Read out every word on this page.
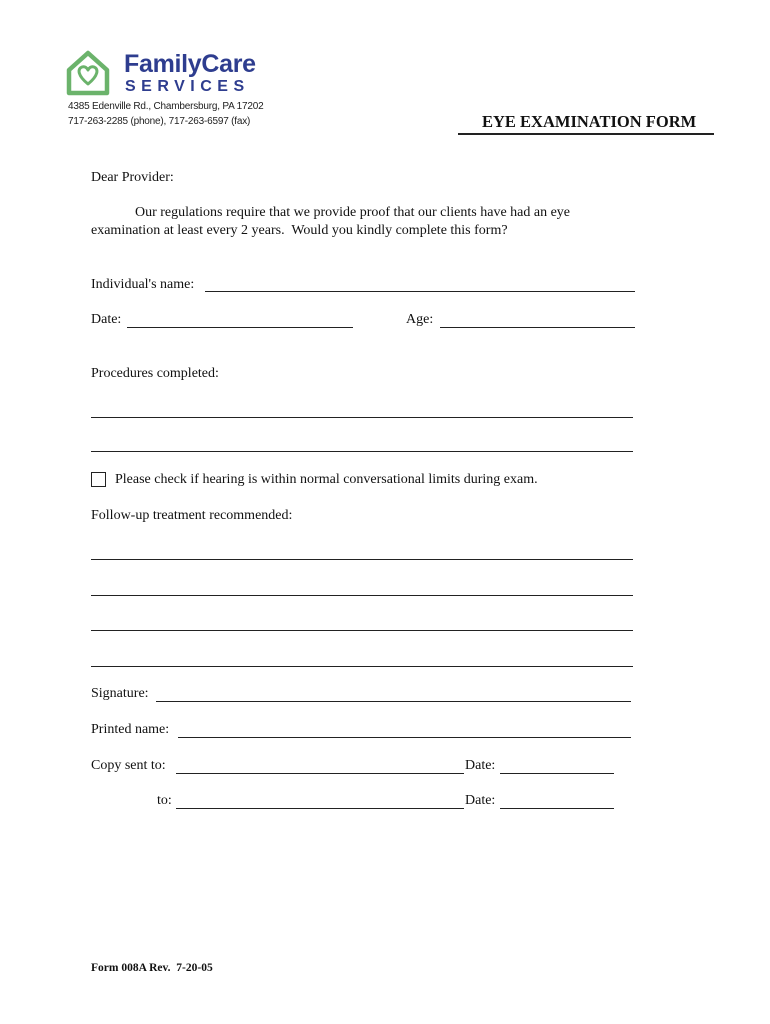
FamilyCare
SERVICES
4385 Edenville Rd., Chambersburg, PA 17202
717-263-2285 (phone), 717-263-6597 (fax)	EYE EXAMINATION FORM
Dear Provider:
Our regulations require that we provide proof that our clients have had an eye
examination at least every 2 years.  Would you kindly complete this form?
Individual's name:
Date:	Age:
Procedures completed:
Please check if hearing is within normal conversational limits during exam.
Follow-up treatment recommended:
Signature:
Printed name:
Copy sent to:	Date:
to:	Date:
Form 008A Rev.  7-20-05
